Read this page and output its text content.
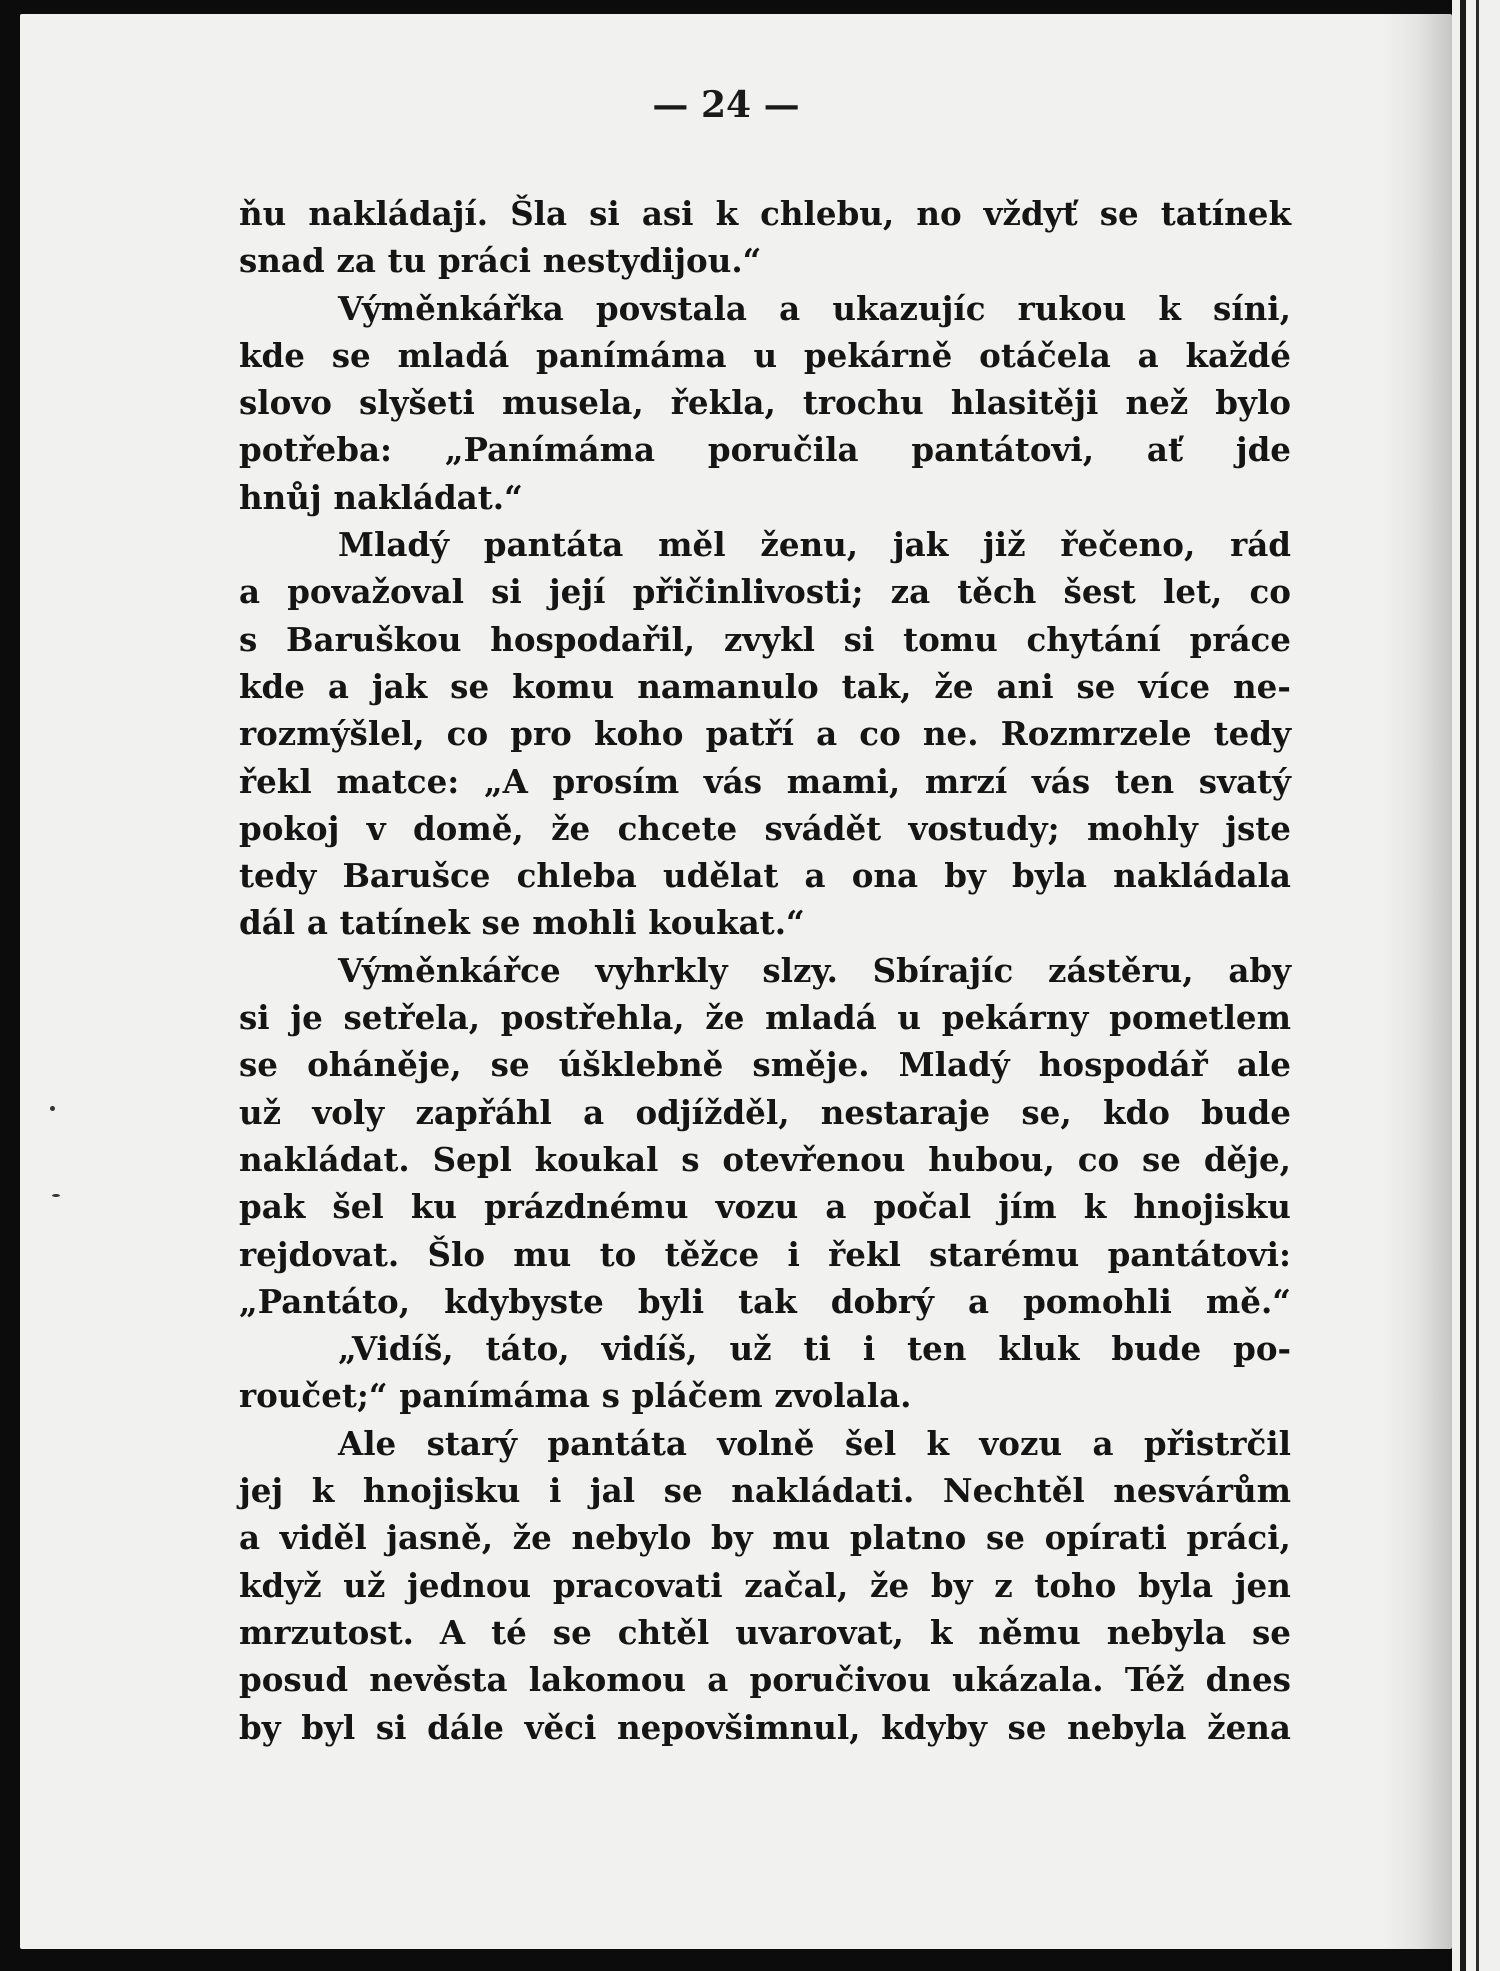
— 24 —
ňu nakládají. Šla si asi k chlebu, no vždyť se tatínek
snad za tu práci nestydijou.“
Výměnkářka povstala a ukazujíc rukou k síni,
kde se mladá panímáma u pekárně otáčela a každé
slovo slyšeti musela, řekla, trochu hlasitěji než bylo
potřeba: „Panímáma poručila pantátovi, ať jde
hnůj nakládat.“
Mladý pantáta měl ženu, jak již řečeno, rád
a považoval si její přičinlivosti; za těch šest let, co
s Baruškou hospodařil, zvykl si tomu chytání práce
kde a jak se komu namanulo tak, že ani se více ne-
rozmýšlel, co pro koho patří a co ne. Rozmrzele tedy
řekl matce: „A prosím vás mami, mrzí vás ten svatý
pokoj v domě, že chcete svádět vostudy; mohly jste
tedy Barušce chleba udělat a ona by byla nakládala
dál a tatínek se mohli koukat.“
Výměnkářce vyhrkly slzy. Sbírajíc zástěru, aby
si je setřela, postřehla, že mladá u pekárny pometlem
se oháněje, se úšklebně směje. Mladý hospodář ale
už voly zapřáhl a odjížděl, nestaraje se, kdo bude
nakládat. Sepl koukal s otevřenou hubou, co se děje,
pak šel ku prázdnému vozu a počal jím k hnojisku
rejdovat. Šlo mu to těžce i řekl starému pantátovi:
„Pantáto, kdybyste byli tak dobrý a pomohli mě.“
„Vidíš, táto, vidíš, už ti i ten kluk bude po-
roučet;“ panímáma s pláčem zvolala.
Ale starý pantáta volně šel k vozu a přistrčil
jej k hnojisku i jal se nakládati. Nechtěl nesvárům
a viděl jasně, že nebylo by mu platno se opírati práci,
když už jednou pracovati začal, že by z toho byla jen
mrzutost. A té se chtěl uvarovat, k němu nebyla se
posud nevěsta lakomou a poručivou ukázala. Též dnes
by byl si dále věci nepovšimnul, kdyby se nebyla žena
